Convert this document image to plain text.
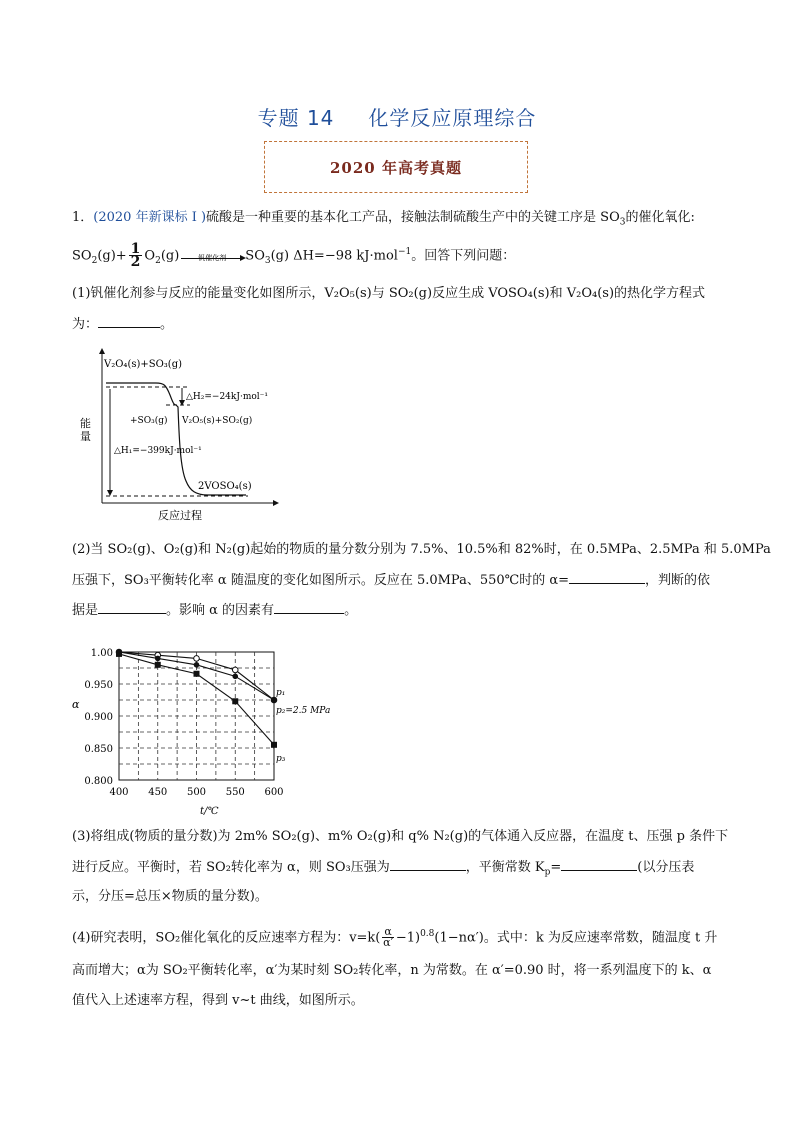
专题 14 化学反应原理综合
2020 年高考真题
1．(2020 年新课标 I )硫酸是一种重要的基本化工产品，接触法制硫酸生产中的关键工序是 $SO_3$的催化氧化:
$SO_2(g)+ \frac{1}{2} O_2(g)$	钒催化剂	$SO_3(g)$ ΔH=−98 kJ·mol$^{-1}$。回答下列问题：
(1)钒催化剂参与反应的能量变化如图所示，V₂O₅(s)与 SO₂(g)反应生成 VOSO₄(s)和 V₂O₄(s)的热化学方程式
为：	。
能
量
反应过程
V₂O₄(s)+SO₃(g)
△H₂=−24kJ·mol⁻¹
V₂O₅(s)+SO₂(g)
+SO₃(g)
△H₁=−399kJ·mol⁻¹
2VOSO₄(s)
(2)当 SO₂(g)、O₂(g)和 N₂(g)起始的物质的量分数分别为 7.5%、10.5%和 82%时，在 0.5MPa、2.5MPa 和 5.0MPa
压强下，SO₃平衡转化率 α 随温度的变化如图所示。反应在 5.0MPa、550℃时的 α=	，判断的依
据是	。影响 α 的因素有	。
400 450 500 550 600
0.800
0.850
0.900
0.950
1.00
α
t/℃
p₁
p₂=2.5 MPa
p₃
(3)将组成(物质的量分数)为 2m% SO₂(g)、m% O₂(g)和 q% N₂(g)的气体通入反应器，在温度 t、压强 p 条件下
进行反应。平衡时，若 SO₂转化率为 α，则 SO₃压强为	，平衡常数 $K_p=$	(以分压表
示，分压=总压×物质的量分数)。
(4)研究表明，SO₂催化氧化的反应速率方程为：$v=k( \frac{\alpha}{\alpha'} -1)^{0.8}(1-n\alpha')$。式中：k 为反应速率常数，随温度 t 升
高而增大；α为 SO₂平衡转化率，α′为某时刻 SO₂转化率，n 为常数。在 α′=0.90 时，将一系列温度下的 k、α
值代入上述速率方程，得到 v~t 曲线，如图所示。
